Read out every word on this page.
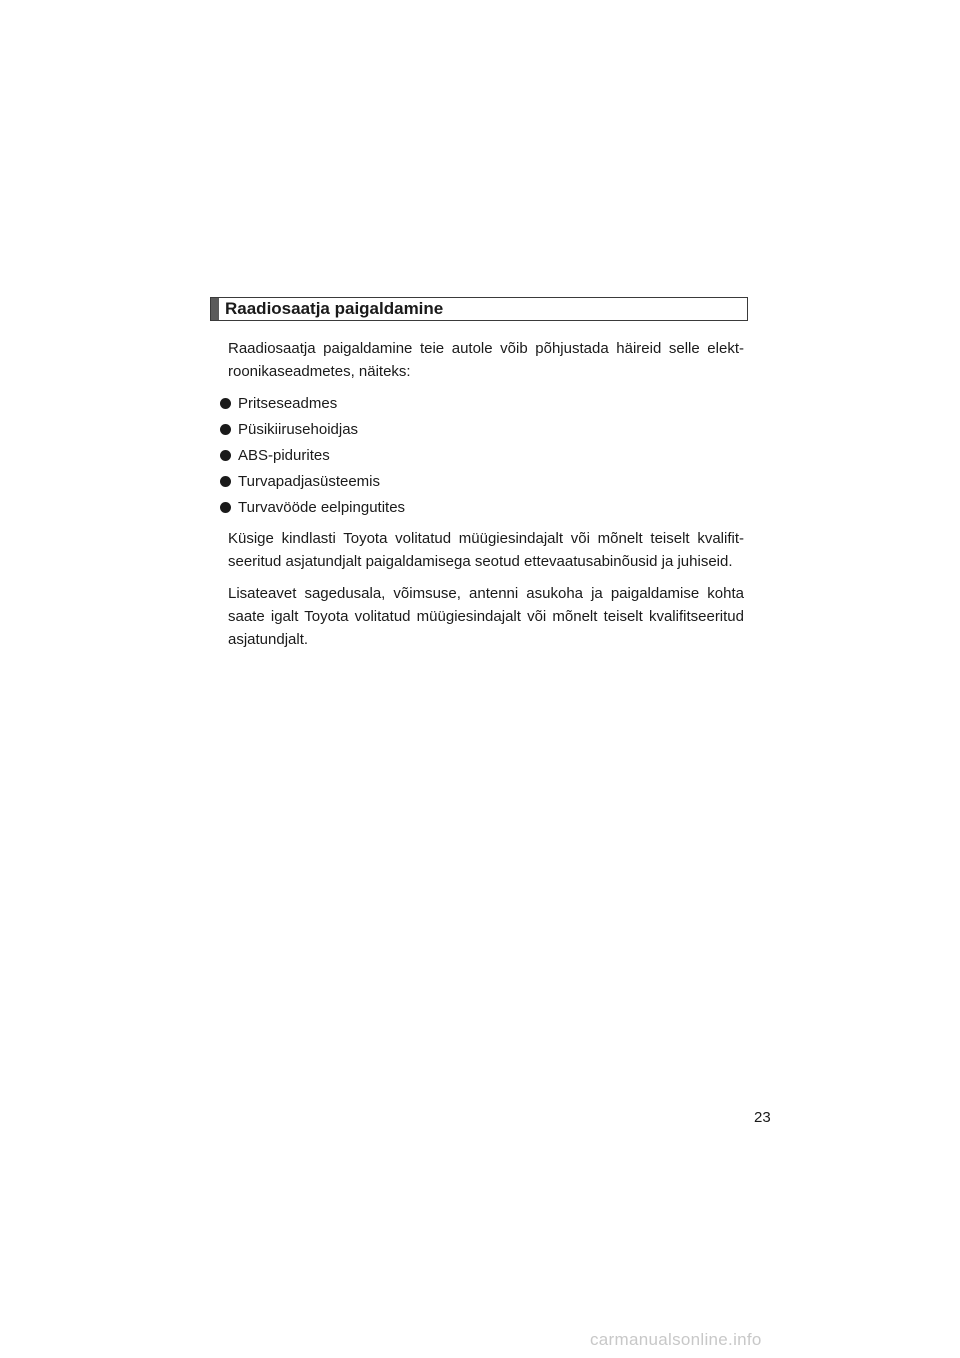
Raadiosaatja paigaldamine

Raadiosaatja paigaldamine teie autole võib põhjustada häireid selle elekt-roonikaseadmetes, näiteks:

Pritseseadmes
Püsikiirusehoidjas
ABS-pidurites
Turvapadjasüsteemis
Turvavööde eelpingutites

Küsige kindlasti Toyota volitatud müügiesindajalt või mõnelt teiselt kvalifit-seeritud asjatundjalt paigaldamisega seotud ettevaatusabinõusid ja juhiseid.

Lisateavet sagedusala, võimsuse, antenni asukoha ja paigaldamise kohta saate igalt Toyota volitatud müügiesindajalt või mõnelt teiselt kvalifitseeritud asjatundjalt.

23
carmanualsonline.info
